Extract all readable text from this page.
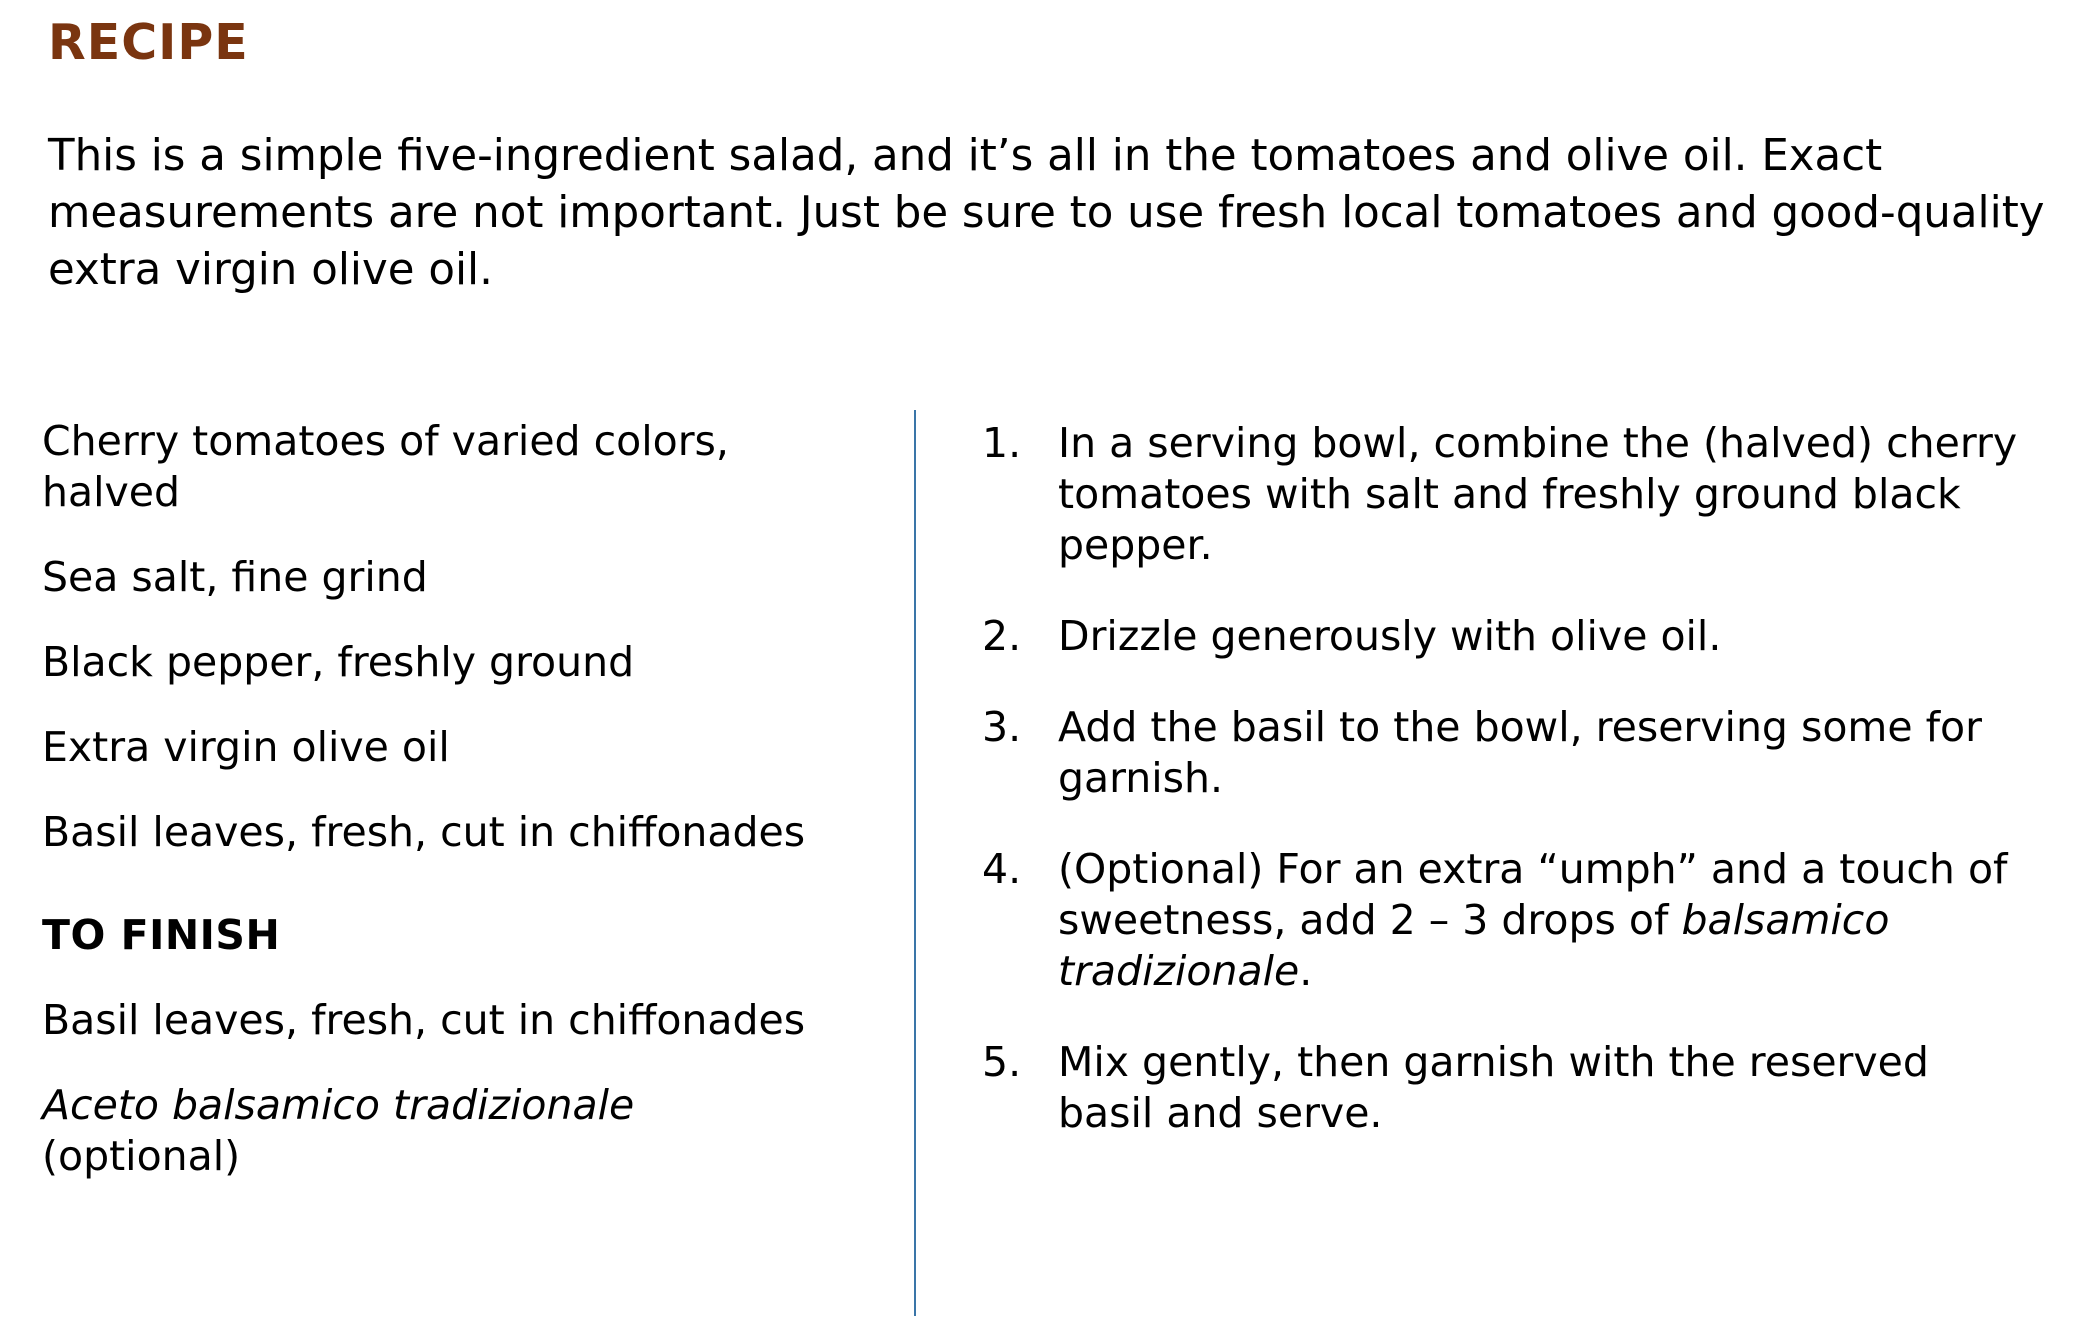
RECIPE

This is a simple five-ingredient salad, and it’s all in the tomatoes and olive oil. Exact measurements are not important. Just be sure to use fresh local tomatoes and good-quality extra virgin olive oil.

Cherry tomatoes of varied colors, halved

Sea salt, fine grind

Black pepper, freshly ground

Extra virgin olive oil

Basil leaves, fresh, cut in chiffonades

TO FINISH

Basil leaves, fresh, cut in chiffonades

Aceto balsamico tradizionale
(optional)

1. In a serving bowl, combine the (halved) cherry tomatoes with salt and freshly ground black pepper.
2. Drizzle generously with olive oil.
3. Add the basil to the bowl, reserving some for garnish.
4. (Optional) For an extra “umph” and a touch of sweetness, add 2 – 3 drops of balsamico tradizionale.
5. Mix gently, then garnish with the reserved basil and serve.
